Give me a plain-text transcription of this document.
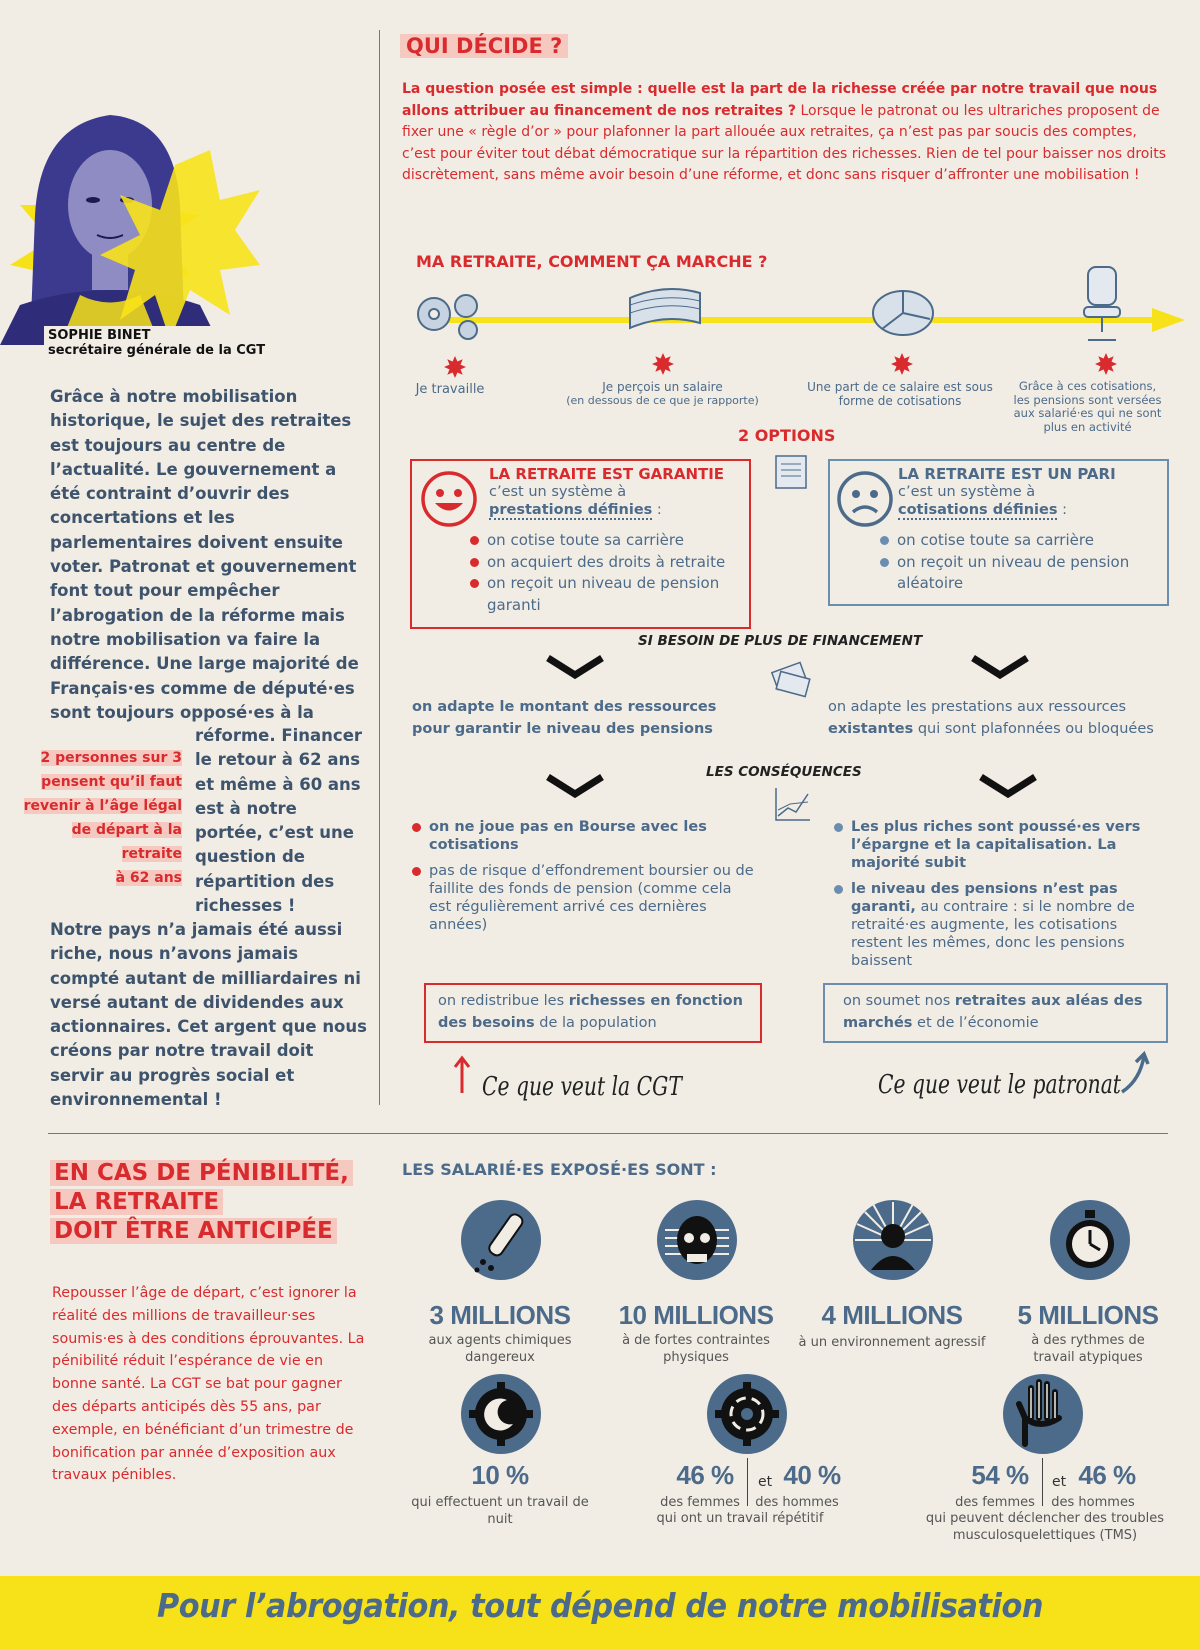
SOPHIE BINET
secrétaire générale de la CGT

Grâce à notre mobilisation historique, le sujet des retraites est toujours au centre de l’actualité. Le gouvernement a été contraint d’ouvrir des concertations et les parlementaires doivent ensuite voter. Patronat et gouvernement font tout pour empêcher l’abrogation de la réforme mais notre mobilisation va faire la différence. Une large majorité de Français·es comme de député·es sont toujours opposé·es à la

2 personnes sur 3
pensent qu’il faut
revenir à l’âge légal
de départ à la
retraite
à 62 ans

réforme. Financer le retour à 62 ans et même à 60 ans est à notre portée, c’est une question de répartition des richesses !

Notre pays n’a jamais été aussi riche, nous n’avons jamais compté autant de milliardaires ni versé autant de dividendes aux actionnaires. Cet argent que nous créons par notre travail doit servir au progrès social et environnemental !

QUI DÉCIDE ?
La question posée est simple : quelle est la part de la richesse créée par notre travail que nous allons attribuer au financement de nos retraites ? Lorsque le patronat ou les ultrariches proposent de fixer une « règle d’or » pour plafonner la part allouée aux retraites, ça n’est pas par soucis des comptes, c’est pour éviter tout débat démocratique sur la répartition des richesses. Rien de tel pour baisser nos droits discrètement, sans même avoir besoin d’une réforme, et donc sans risquer d’affronter une mobilisation !
MA RETRAITE, COMMENT ÇA MARCHE ?
Je travaille	Je perçois un salaire
(en dessous de ce que je rapporte)
Une part de ce salaire est sous forme de cotisations
Grâce à ces cotisations, les pensions sont versées aux salarié·es qui ne sont plus en activité
2 OPTIONS
LA RETRAITE EST GARANTIE
c’est un système à
prestations définies :
on cotise toute sa carrière
on acquiert des droits à retraite
on reçoit un niveau de pension garanti
LA RETRAITE EST UN PARI
c’est un système à
cotisations définies :
on cotise toute sa carrière
on reçoit un niveau de pension aléatoire
SI BESOIN DE PLUS DE FINANCEMENT
on adapte le montant des ressources pour garantir le niveau des pensions
on adapte les prestations aux ressources
existantes qui sont plafonnées ou bloquées
LES CONSÉQUENCES
on ne joue pas en Bourse avec les cotisations
pas de risque d’effondrement boursier ou de faillite des fonds de pension (comme cela est régulièrement arrivé ces dernières années)
Les plus riches sont poussé·es vers l’épargne et la capitalisation. La majorité subit
le niveau des pensions n’est pas garanti, au contraire : si le nombre de retraité·es augmente, les cotisations restent les mêmes, donc les pensions baissent
on redistribue les richesses en fonction des besoins de la population
on soumet nos retraites aux aléas des marchés et de l’économie
Ce que veut la CGT	Ce que veut le patronat
EN CAS DE PÉNIBILITÉ,
LA RETRAITE
DOIT ÊTRE ANTICIPÉE
Repousser l’âge de départ, c’est ignorer la réalité des millions de travailleur·ses soumis·es à des conditions éprouvantes. La pénibilité réduit l’espérance de vie en bonne santé. La CGT se bat pour gagner des départs anticipés dès 55 ans, par exemple, en bénéficiant d’un trimestre de bonification par année d’exposition aux travaux pénibles.
LES SALARIÉ·ES EXPOSÉ·ES SONT :
3 MILLIONS	10 MILLIONS	4 MILLIONS	5 MILLIONS
aux agents chimiques dangereux
à de fortes contraintes physiques
à un environnement agressif	à des rythmes de travail atypiques
10 %
qui effectuent un travail de nuit
46 %	et 40 %
des femmes	des hommes
qui ont un travail répétitif
54 %	et 46 %
des femmes	des hommes
qui peuvent déclencher des troubles musculosquelettiques (TMS)
Pour l’abrogation, tout dépend de notre mobilisation
